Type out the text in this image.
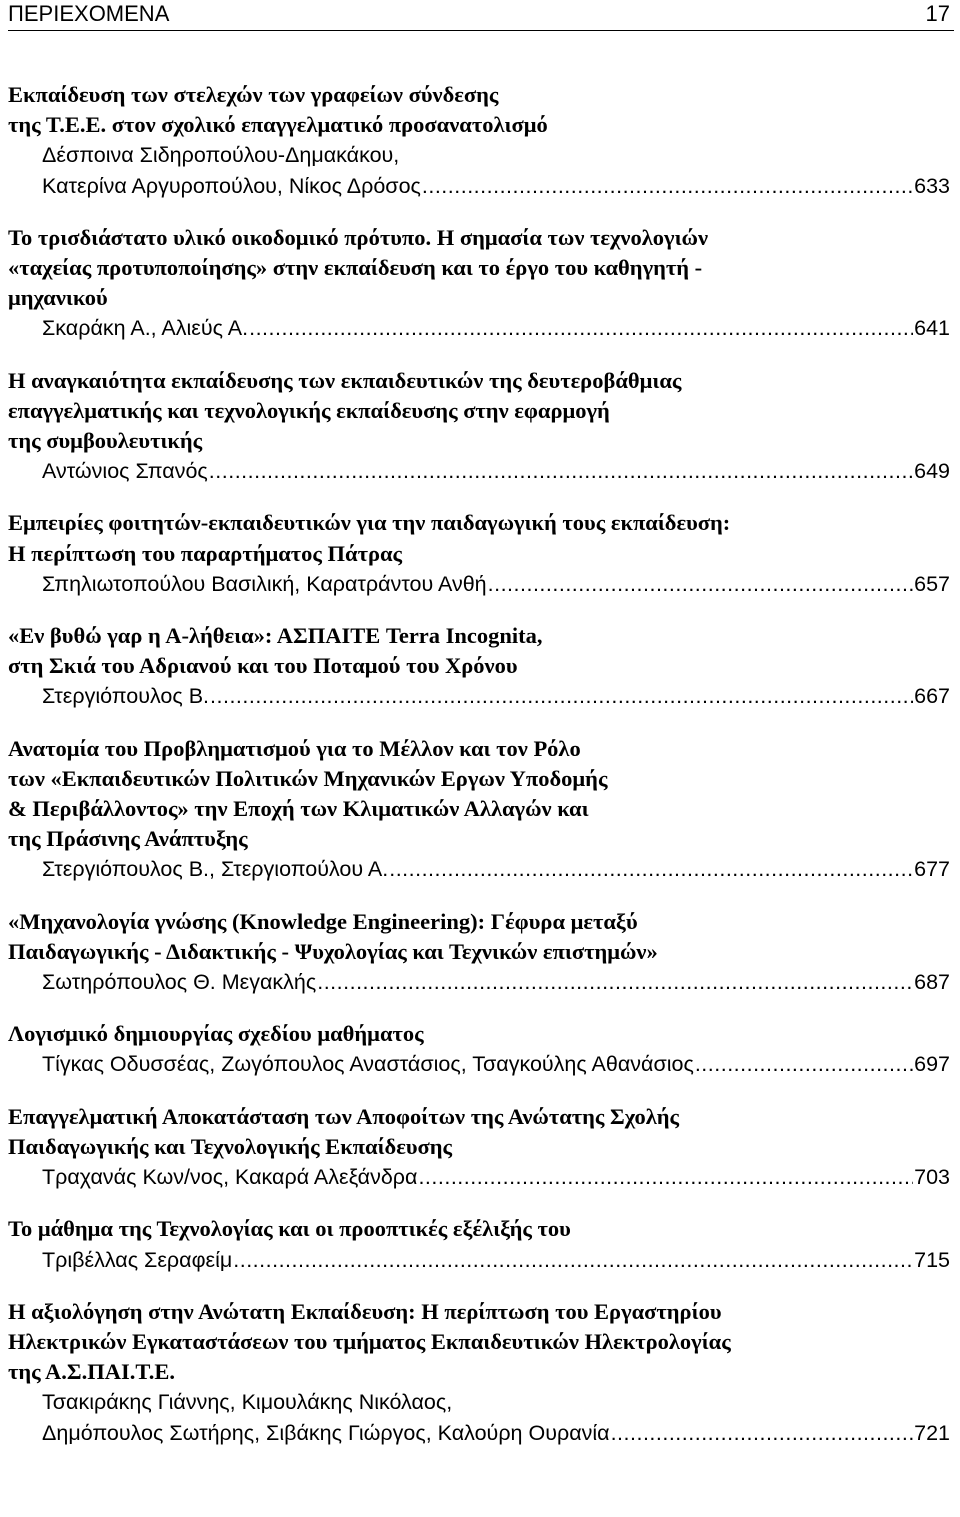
ΠΕΡΙΕΧΟΜΕΝΑ	17
Εκπαίδευση των στελεχών των γραφείων σύνδεσης
της Τ.Ε.Ε. στον σχολικό επαγγελματικό προσανατολισμό
Δέσποινα Σιδηροπούλου-Δημακάκου,
Κατερίνα Αργυροπούλου, Νίκος Δρόσος .....	633
Το τρισδιάστατο υλικό οικοδομικό πρότυπο. Η σημασία των τεχνολογιών
«ταχείας προτυποποίησης» στην εκπαίδευση και το έργο του καθηγητή -
μηχανικού
Σκαράκη Α., Αλιεύς Α. .....	641
Η αναγκαιότητα εκπαίδευσης των εκπαιδευτικών της δευτεροβάθμιας
επαγγελματικής και τεχνολογικής εκπαίδευσης στην εφαρμογή
της συμβουλευτικής
Αντώνιος Σπανός .....	649
Εμπειρίες φοιτητών-εκπαιδευτικών για την παιδαγωγική τους εκπαίδευση:
Η περίπτωση του παραρτήματος Πάτρας
Σπηλιωτοπούλου Βασιλική, Καρατράντου Ανθή .....	657
«Εν βυθώ γαρ η Α-λήθεια»: ΑΣΠΑΙΤΕ Terra Incognita,
στη Σκιά του Αδριανού και του Ποταμού του Χρόνου
Στεργιόπουλος Β. .....	667
Ανατομία του Προβληματισμού για το Μέλλον και τον Ρόλο
των «Εκπαιδευτικών Πολιτικών Μηχανικών Εργων Υποδομής
& Περιβάλλοντος» την Εποχή των Κλιματικών Αλλαγών και
της Πράσινης Ανάπτυξης
Στεργιόπουλος Β., Στεργιοπούλου Α. .....	677
«Μηχανολογία γνώσης (Knowledge Engineering): Γέφυρα μεταξύ
Παιδαγωγικής - Διδακτικής - Ψυχολογίας και Τεχνικών επιστημών»
Σωτηρόπουλος Θ. Μεγακλής .....	687
Λογισμικό δημιουργίας σχεδίου μαθήματος
Τίγκας Οδυσσέας, Ζωγόπουλος Αναστάσιος, Τσαγκούλης Αθανάσιος .....	697
Επαγγελματική Αποκατάσταση των Αποφοίτων της Ανώτατης Σχολής
Παιδαγωγικής και Τεχνολογικής Εκπαίδευσης
Τραχανάς Κων/νος, Κακαρά Αλεξάνδρα .....	703
Το μάθημα της Τεχνολογίας και οι προοπτικές εξέλιξής του
Τριβέλλας Σεραφείμ .....	715
Η αξιολόγηση στην Ανώτατη Εκπαίδευση: Η περίπτωση του Εργαστηρίου
Ηλεκτρικών Εγκαταστάσεων του τμήματος Εκπαιδευτικών Ηλεκτρολογίας
της Α.Σ.ΠΑΙ.Τ.Ε.
Τσακιράκης Γιάννης, Κιμουλάκης Νικόλαος,
Δημόπουλος Σωτήρης, Σιβάκης Γιώργος, Καλούρη Ουρανία .....	721
